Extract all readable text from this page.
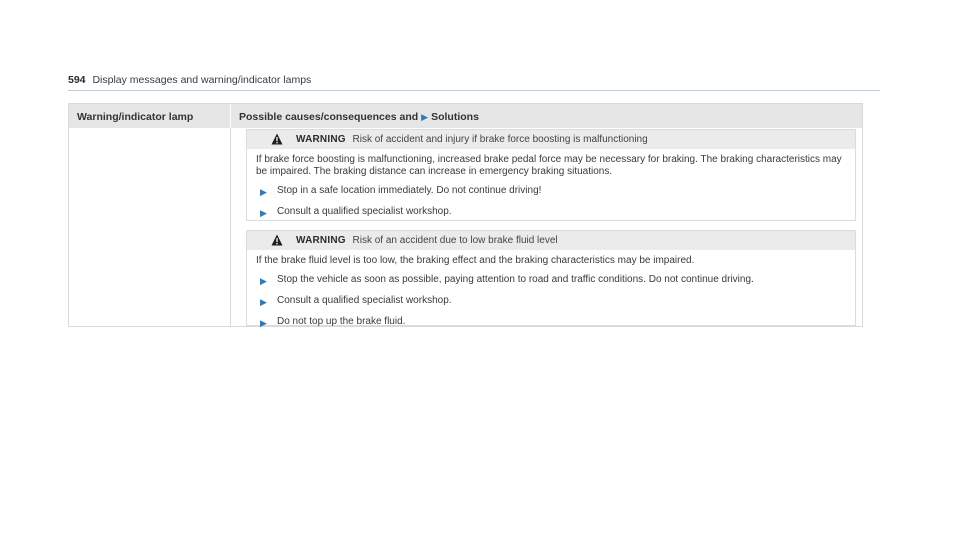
594 Display messages and warning/indicator lamps
Warning/indicator lamp	Possible causes/consequences and ▶ Solutions
WARNING Risk of accident and injury if brake force boosting is malfunctioning

If brake force boosting is malfunctioning, increased brake pedal force may be necessary for braking. The braking characteristics may be impaired. The braking distance can increase in emergency braking situations.

▶ Stop in a safe location immediately. Do not continue driving!
▶ Consult a qualified specialist workshop.
WARNING Risk of an accident due to low brake fluid level

If the brake fluid level is too low, the braking effect and the braking characteristics may be impaired.

▶ Stop the vehicle as soon as possible, paying attention to road and traffic conditions. Do not continue driving.
▶ Consult a qualified specialist workshop.
▶ Do not top up the brake fluid.
